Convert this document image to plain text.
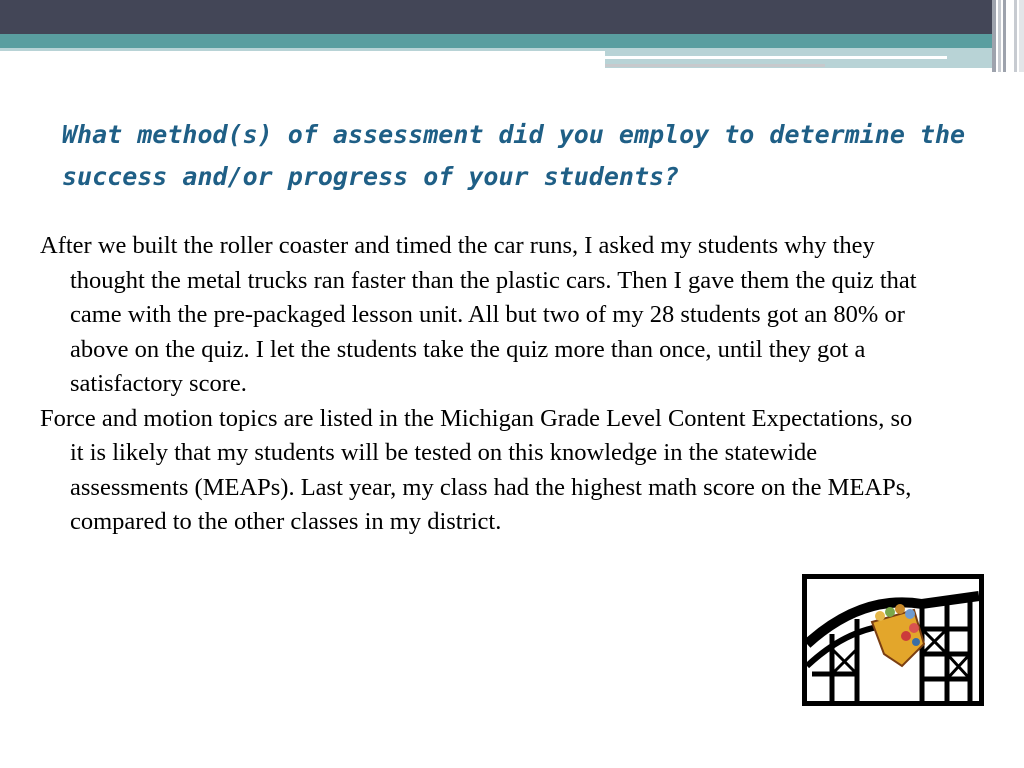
What method(s) of assessment did you employ to determine the success and/or progress of your students?

After we built the roller coaster and timed the car runs, I asked my students why they thought the metal trucks ran faster than the plastic cars. Then I gave them the quiz that came with the pre-packaged lesson unit. All but two of my 28 students got an 80% or above on the quiz. I let the students take the quiz more than once, until they got a satisfactory score.

Force and motion topics are listed in the Michigan Grade Level Content Expectations, so it is likely that my students will be tested on this knowledge in the statewide assessments (MEAPs). Last year, my class had the highest math score on the MEAPs, compared to the other classes in my district.
